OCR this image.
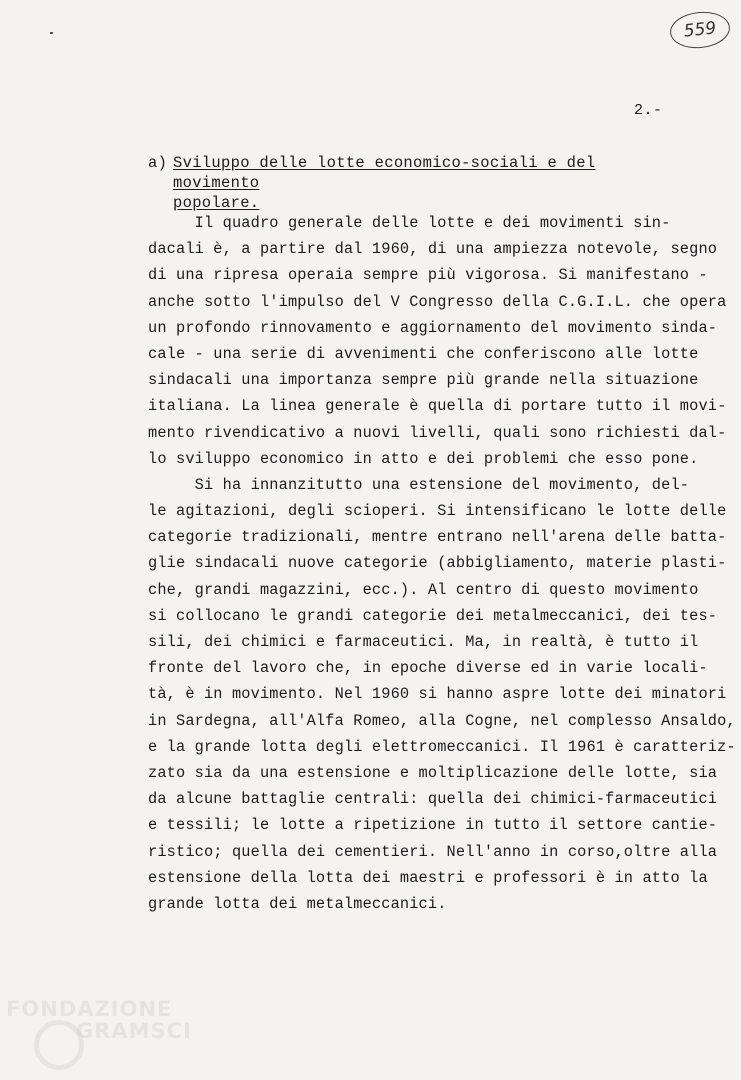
559
2.-
a) Sviluppo delle lotte economico-sociali e del movimento
popolare.
Il quadro generale delle lotte e dei movimenti sin-
dacali è, a partire dal 1960, di una ampiezza notevole, segno
di una ripresa operaia sempre più vigorosa. Si manifestano -
anche sotto l'impulso del V Congresso della C.G.I.L. che opera
un profondo rinnovamento e aggiornamento del movimento sinda-
cale - una serie di avvenimenti che conferiscono alle lotte
sindacali una importanza sempre più grande nella situazione
italiana. La linea generale è quella di portare tutto il movi-
mento rivendicativo a nuovi livelli, quali sono richiesti dal-
lo sviluppo economico in atto e dei problemi che esso pone.
Si ha innanzitutto una estensione del movimento, del-
le agitazioni, degli scioperi. Si intensificano le lotte delle
categorie tradizionali, mentre entrano nell'arena delle batta-
glie sindacali nuove categorie (abbigliamento, materie plasti-
che, grandi magazzini, ecc.). Al centro di questo movimento
si collocano le grandi categorie dei metalmeccanici, dei tes-
sili, dei chimici e farmaceutici. Ma, in realtà, è tutto il
fronte del lavoro che, in epoche diverse ed in varie locali-
tà, è in movimento. Nel 1960 si hanno aspre lotte dei minatori
in Sardegna, all'Alfa Romeo, alla Cogne, nel complesso Ansaldo,
e la grande lotta degli elettromeccanici. Il 1961 è caratteriz-
zato sia da una estensione e moltiplicazione delle lotte, sia
da alcune battaglie centrali: quella dei chimici-farmaceutici
e tessili; le lotte a ripetizione in tutto il settore cantie-
ristico; quella dei cementieri. Nell'anno in corso,oltre alla
estensione della lotta dei maestri e professori è in atto la
grande lotta dei metalmeccanici.
FONDAZIONE
GRAMSCI
